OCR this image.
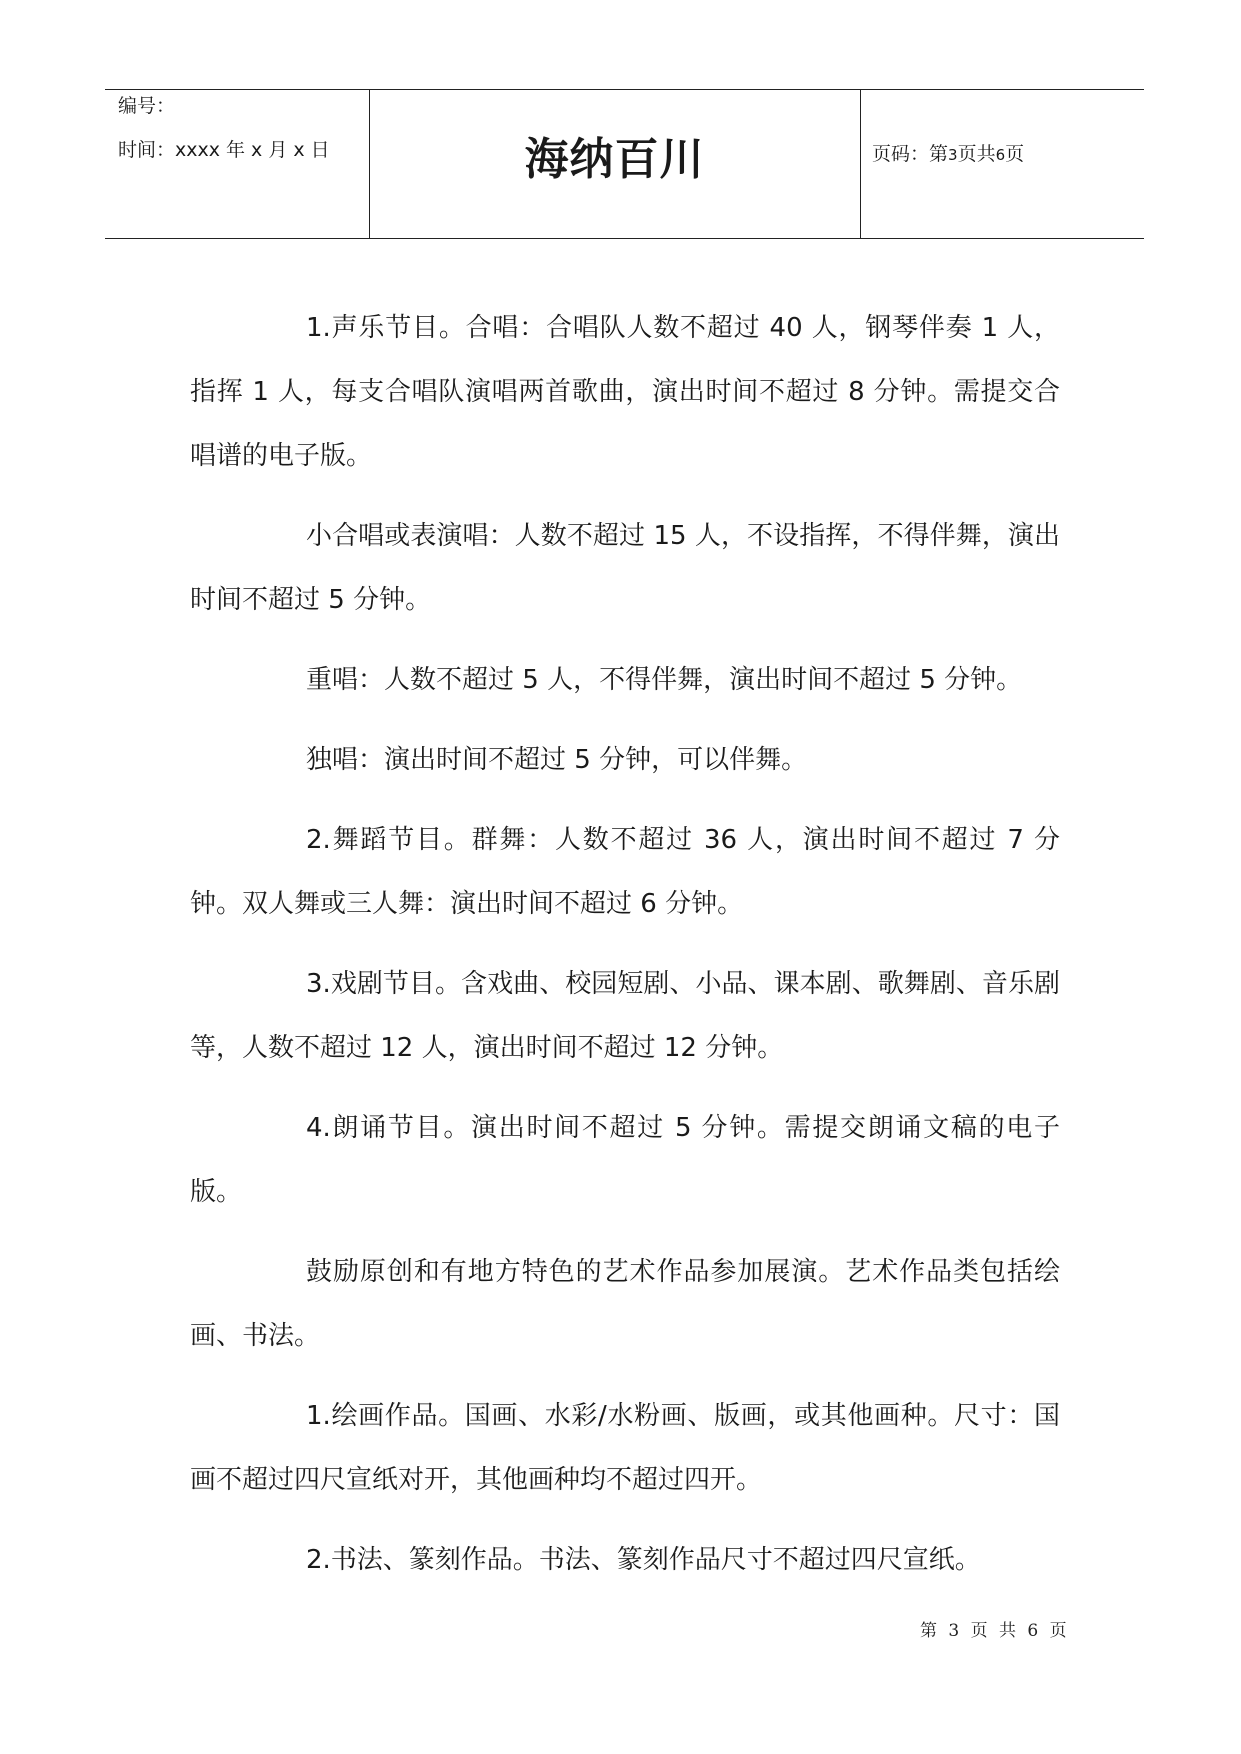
编号：
时间：xxxx 年 x 月 x 日	海纳百川	页码：第3页共6页

1.声乐节目。合唱：合唱队人数不超过 40 人，钢琴伴奏 1 人，指挥 1 人，每支合唱队演唱两首歌曲，演出时间不超过 8 分钟。需提交合唱谱的电子版。

小合唱或表演唱：人数不超过 15 人，不设指挥，不得伴舞，演出时间不超过 5 分钟。

重唱：人数不超过 5 人，不得伴舞，演出时间不超过 5 分钟。

独唱：演出时间不超过 5 分钟，可以伴舞。

2.舞蹈节目。群舞：人数不超过 36 人，演出时间不超过 7 分钟。双人舞或三人舞：演出时间不超过 6 分钟。

3.戏剧节目。含戏曲、校园短剧、小品、课本剧、歌舞剧、音乐剧等，人数不超过 12 人，演出时间不超过 12 分钟。

4.朗诵节目。演出时间不超过 5 分钟。需提交朗诵文稿的电子版。

鼓励原创和有地方特色的艺术作品参加展演。艺术作品类包括绘画、书法。

1.绘画作品。国画、水彩/水粉画、版画，或其他画种。尺寸：国画不超过四尺宣纸对开，其他画种均不超过四开。

2.书法、篆刻作品。书法、篆刻作品尺寸不超过四尺宣纸。

第 3 页 共 6 页
